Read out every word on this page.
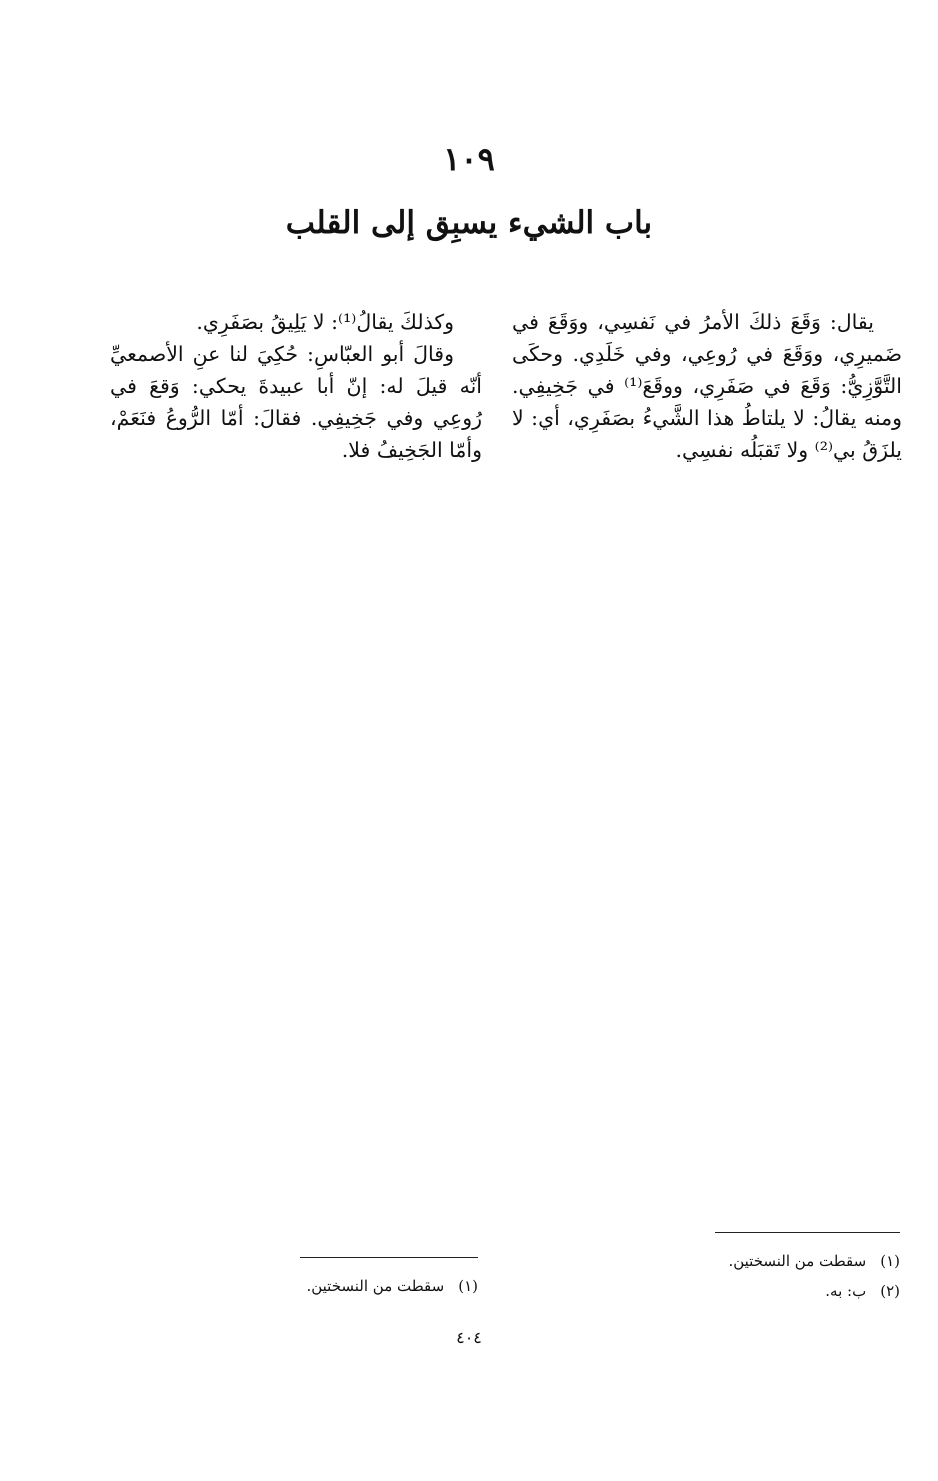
١٠٩
باب الشيء يسبِق إلى القلب

يقال: وَقَعَ ذلكَ الأمرُ في نَفسِي، ووَقَعَ في ضَميرِي، ووَقَعَ في رُوعِي، وفي خَلَدِي. وحكَى التَّوَّزِيُّ: وَقَعَ في صَفَرِي، ووقَعَ⁽¹⁾ في جَخِيفِي. ومنه يقالُ: لا يلتاطُ هذا الشَّيءُ بصَفَرِي، أي: لا يلزَقُ بي⁽²⁾ ولا تَقبَلُه نفسِي.

وكذلكَ يقالُ⁽¹⁾: لا يَلِيقُ بصَفَرِي.

وقالَ أبو العبّاسِ: حُكِيَ لنا عنِ الأصمعيِّ أنّه قيلَ له: إنّ أبا عبيدةَ يحكي: وَقعَ في رُوعِي وفي جَخِيفِي. فقالَ: أمّا الرُّوعُ فنَعَمْ، وأمّا الجَخِيفُ فلا.

(١)سقطت من النسختين.
(٢)ب: به.
(١)سقطت من النسختين.
٤٠٤
